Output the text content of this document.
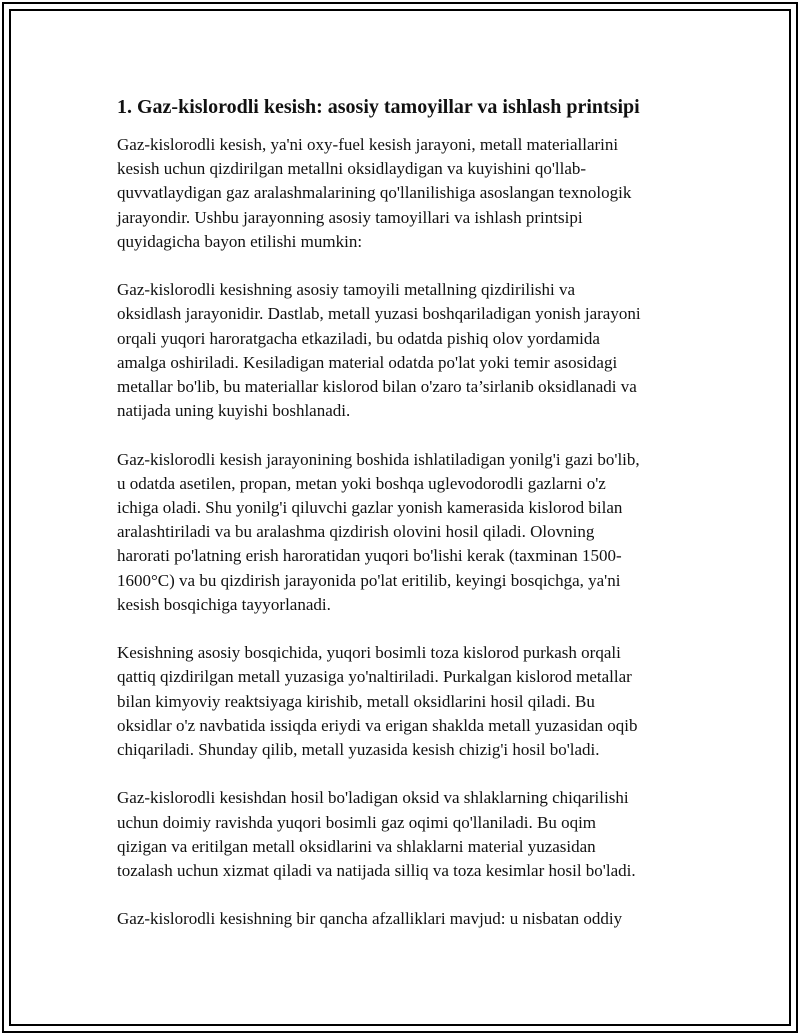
1. Gaz-kislorodli kesish: asosiy tamoyillar va ishlash printsipi

Gaz-kislorodli kesish, ya'ni oxy-fuel kesish jarayoni, metall materiallarini
kesish uchun qizdirilgan metallni oksidlaydigan va kuyishini qo'llab-
quvvatlaydigan gaz aralashmalarining qo'llanilishiga asoslangan texnologik
jarayondir. Ushbu jarayonning asosiy tamoyillari va ishlash printsipi
quyidagicha bayon etilishi mumkin:

Gaz-kislorodli kesishning asosiy tamoyili metallning qizdirilishi va
oksidlash jarayonidir. Dastlab, metall yuzasi boshqariladigan yonish jarayoni
orqali yuqori haroratgacha etkaziladi, bu odatda pishiq olov yordamida
amalga oshiriladi. Kesiladigan material odatda po'lat yoki temir asosidagi
metallar bo'lib, bu materiallar kislorod bilan o'zaro ta’sirlanib oksidlanadi va
natijada uning kuyishi boshlanadi.

Gaz-kislorodli kesish jarayonining boshida ishlatiladigan yonilg'i gazi bo'lib,
u odatda asetilen, propan, metan yoki boshqa uglevodorodli gazlarni o'z
ichiga oladi. Shu yonilg'i qiluvchi gazlar yonish kamerasida kislorod bilan
aralashtiriladi va bu aralashma qizdirish olovini hosil qiladi. Olovning
harorati po'latning erish haroratidan yuqori bo'lishi kerak (taxminan 1500-
1600°C) va bu qizdirish jarayonida po'lat eritilib, keyingi bosqichga, ya'ni
kesish bosqichiga tayyorlanadi.

Kesishning asosiy bosqichida, yuqori bosimli toza kislorod purkash orqali
qattiq qizdirilgan metall yuzasiga yo'naltiriladi. Purkalgan kislorod metallar
bilan kimyoviy reaktsiyaga kirishib, metall oksidlarini hosil qiladi. Bu
oksidlar o'z navbatida issiqda eriydi va erigan shaklda metall yuzasidan oqib
chiqariladi. Shunday qilib, metall yuzasida kesish chizig'i hosil bo'ladi.

Gaz-kislorodli kesishdan hosil bo'ladigan oksid va shlaklarning chiqarilishi
uchun doimiy ravishda yuqori bosimli gaz oqimi qo'llaniladi. Bu oqim
qizigan va eritilgan metall oksidlarini va shlaklarni material yuzasidan
tozalash uchun xizmat qiladi va natijada silliq va toza kesimlar hosil bo'ladi.

Gaz-kislorodli kesishning bir qancha afzalliklari mavjud: u nisbatan oddiy
